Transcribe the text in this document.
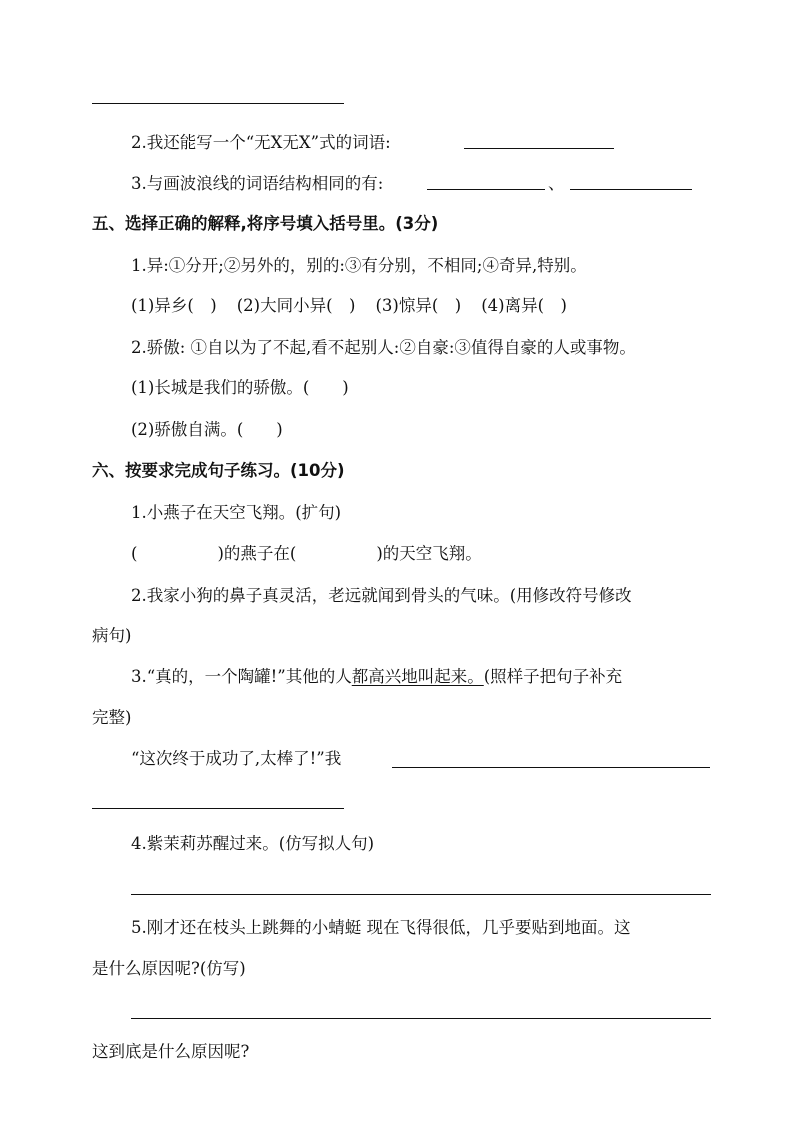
2.我还能写一个“无X无X”式的词语:
3.与画波浪线的词语结构相同的有:	、
五、选择正确的解释,将序号填入括号里。(3分)
1.异:①分开;②另外的，别的:③有分别，不相同;④奇异,特别。
(1)异乡(　) (2)大同小异(　) (3)惊异(　) (4)离异(　)
2.骄傲: ①自以为了不起,看不起别人:②自豪:③值得自豪的人或事物。
(1)长城是我们的骄傲。(　　)
(2)骄傲自满。(　　)
六、按要求完成句子练习。(10分)
1.小燕子在天空飞翔。(扩句)
(	)的燕子在(	)的天空飞翔。
2.我家小狗的鼻子真灵活，老远就闻到骨头的气味。(用修改符号修改
病句)
3.“真的，一个陶罐!”其他的人都高兴地叫起来。(照样子把句子补充
完整)
“这次终于成功了,太棒了!”我
4.紫茉莉苏醒过来。(仿写拟人句)
5.刚才还在枝头上跳舞的小蜻蜓 现在飞得很低，几乎要贴到地面。这
是什么原因呢?(仿写)
这到底是什么原因呢?
